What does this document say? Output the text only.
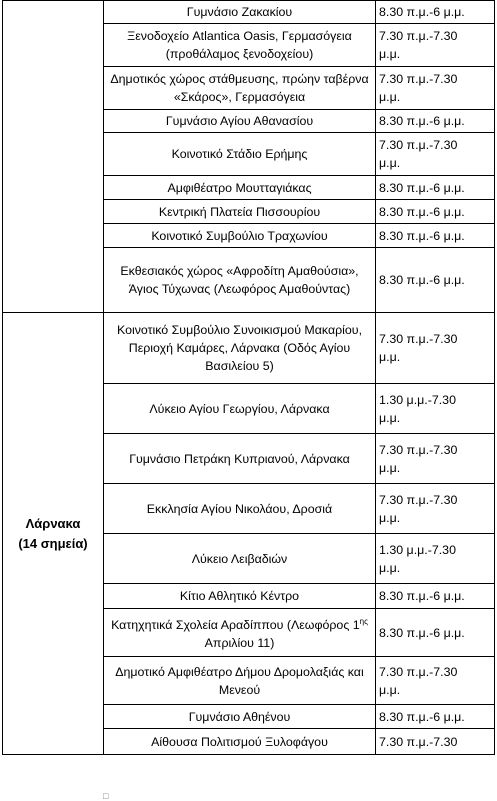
	Γυμνάσιο Ζακακίου	8.30 π.μ.-6 μ.μ.

	Ξενοδοχείο Atlantica Oasis, Γερμασόγεια (προθάλαμος ξενοδοχείου)	7.30 π.μ.-7.30
μ.μ.

	Δημοτικός χώρος στάθμευσης, πρώην ταβέρνα «Σκάρος», Γερμασόγεια	7.30 π.μ.-7.30
μ.μ.

	Γυμνάσιο Αγίου Αθανασίου	8.30 π.μ.-6 μ.μ.

	Κοινοτικό Στάδιο Ερήμης	7.30 π.μ.-7.30
μ.μ.

	Αμφιθέατρο Μουτταγιάκας	8.30 π.μ.-6 μ.μ.

	Κεντρική Πλατεία Πισσουρίου	8.30 π.μ.-6 μ.μ.

	Κοινοτικό Συμβούλιο Τραχωνίου	8.30 π.μ.-6 μ.μ.

	Εκθεσιακός χώρος «Αφροδίτη Αμαθούσια», Άγιος Τύχωνας (Λεωφόρος Αμαθούντας)	8.30 π.μ.-6 μ.μ.

Λάρνακα
(14 σημεία)	Κοινοτικό Συμβούλιο Συνοικισμού Μακαρίου, Περιοχή Καμάρες, Λάρνακα (Οδός Αγίου Βασιλείου 5)	7.30 π.μ.-7.30
μ.μ.

	Λύκειο Αγίου Γεωργίου, Λάρνακα	1.30 μ.μ.-7.30
μ.μ.

	Γυμνάσιο Πετράκη Κυπριανού, Λάρνακα	7.30 π.μ.-7.30
μ.μ.

	Εκκλησία Αγίου Νικολάου, Δροσιά	7.30 π.μ.-7.30
μ.μ.

	Λύκειο Λειβαδιών	1.30 μ.μ.-7.30
μ.μ.

	Κίτιο Αθλητικό Κέντρο	8.30 π.μ.-6 μ.μ.

	Κατηχητικά Σχολεία Αραδίππου (Λεωφόρος $1^{\eta\varsigma}$ Απριλίου 11)	8.30 π.μ.-6 μ.μ.

	Δημοτικό Αμφιθέατρο Δήμου Δρομολαξιάς και Μενεού	7.30 π.μ.-7.30
μ.μ.

	Γυμνάσιο Αθηένου	8.30 π.μ.-6 μ.μ.

	Αίθουσα Πολιτισμού Ξυλοφάγου	7.30 π.μ.-7.30
□
